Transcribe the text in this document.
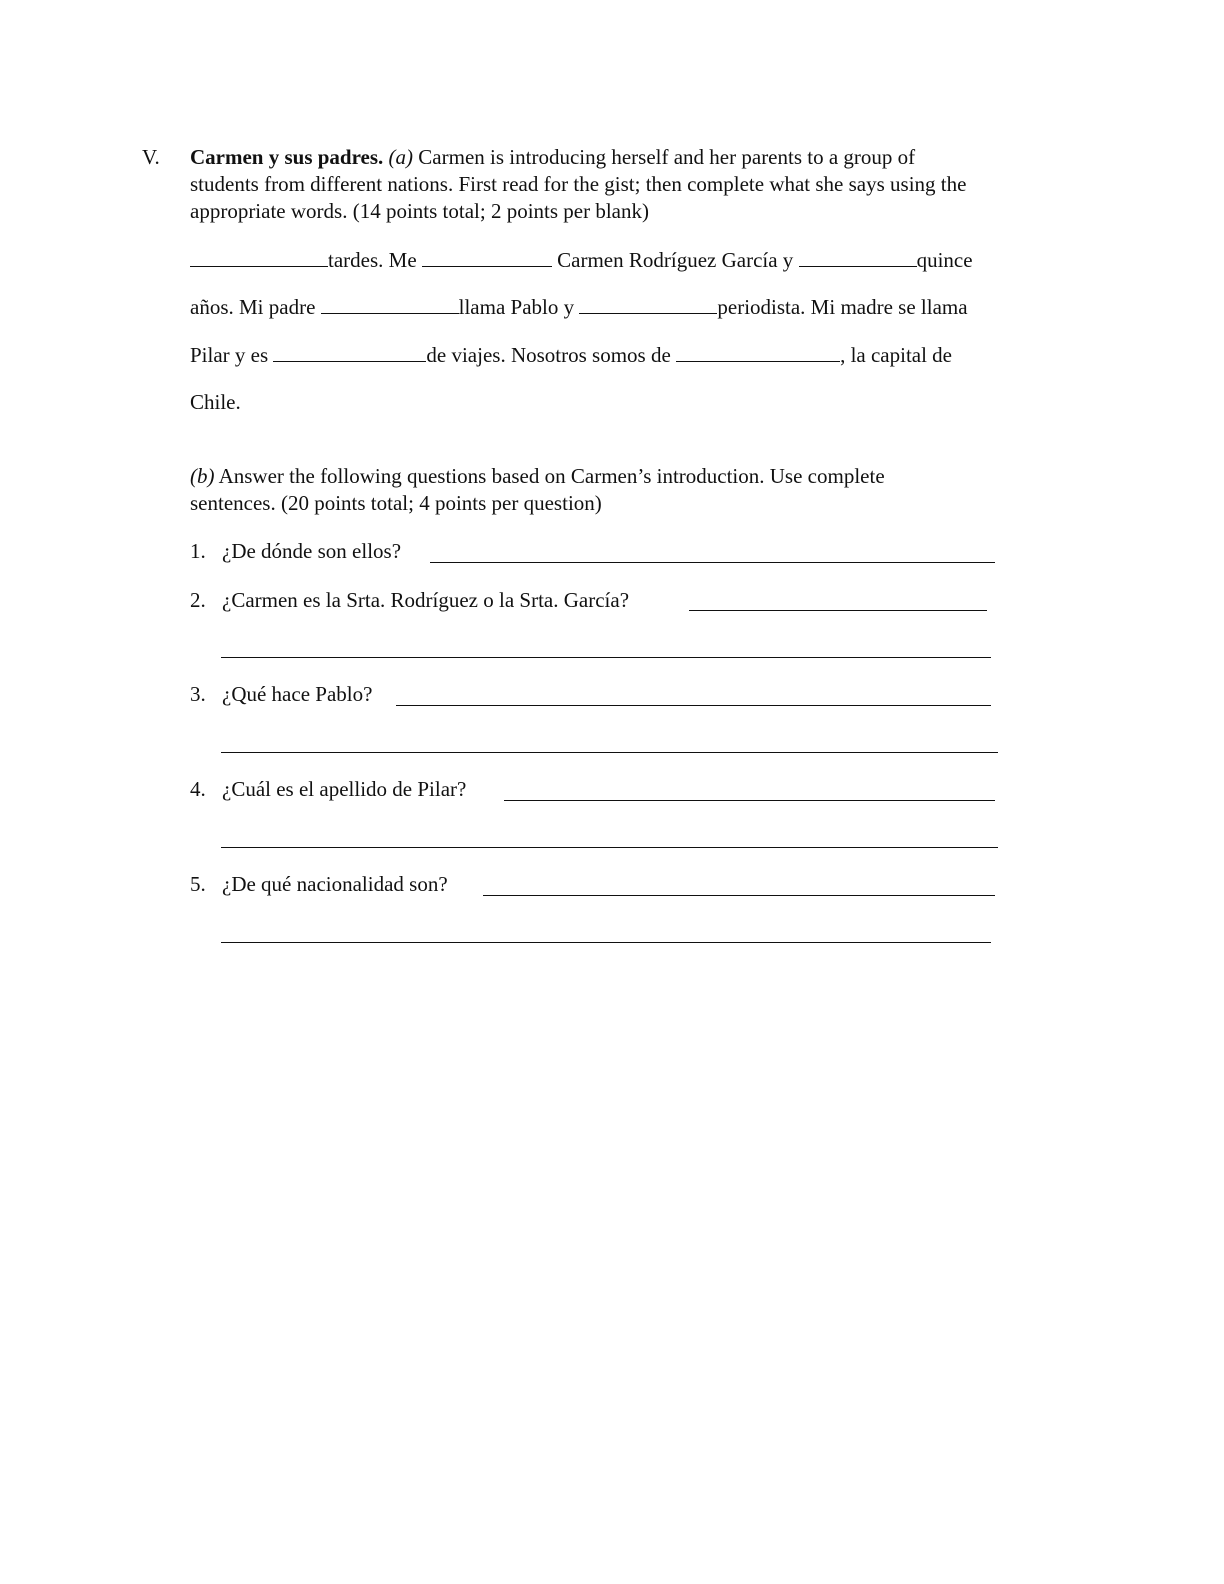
V. Carmen y sus padres. (a) Carmen is introducing herself and her parents to a group of
students from different nations. First read for the gist; then complete what she says using the
appropriate words. (14 points total; 2 points per blank)
tardes. Me	Carmen Rodríguez García y	quince
años. Mi padre	llama Pablo y	periodista. Mi madre se llama
Pilar y es	de viajes. Nosotros somos de	, la capital de
Chile.
(b) Answer the following questions based on Carmen’s introduction. Use complete
sentences. (20 points total; 4 points per question)
1. ¿De dónde son ellos?
2. ¿Carmen es la Srta. Rodríguez o la Srta. García?
3. ¿Qué hace Pablo?
4. ¿Cuál es el apellido de Pilar?
5. ¿De qué nacionalidad son?
